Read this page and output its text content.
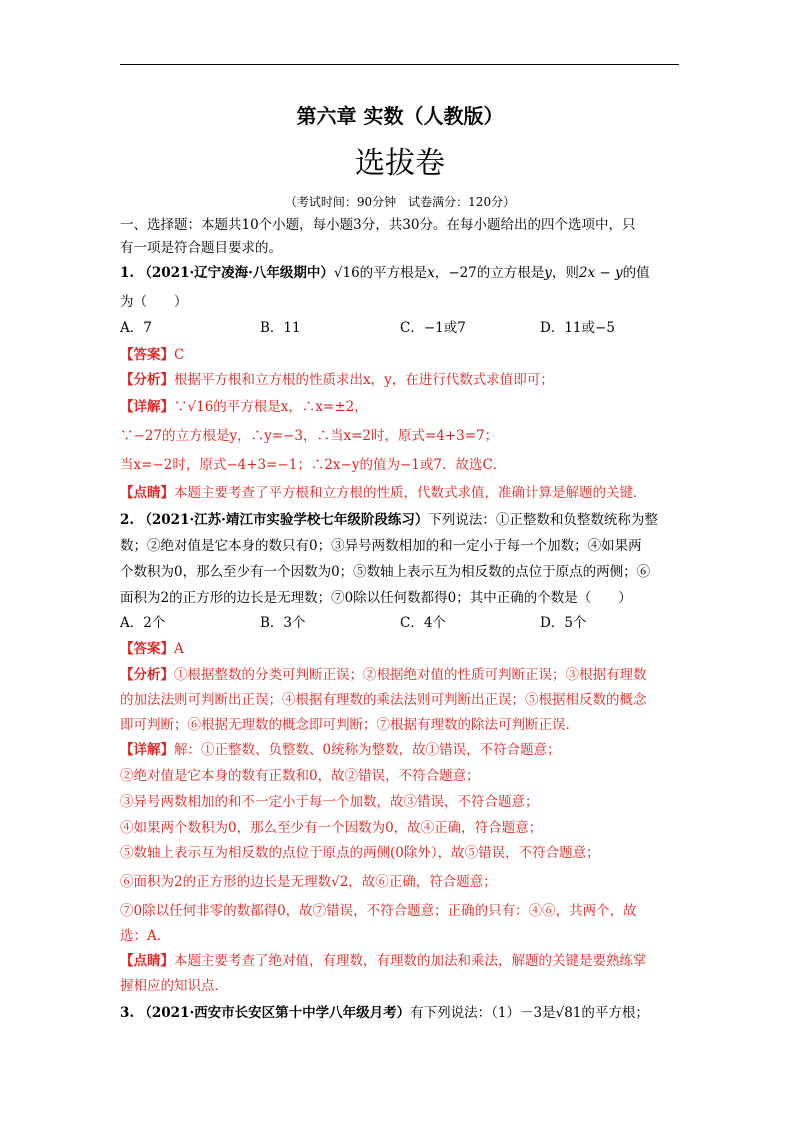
第六章 实数（人教版）
选拔卷
（考试时间：90分钟　试卷满分：120分）
一、选择题：本题共10个小题，每小题3分，共30分。在每小题给出的四个选项中，只
有一项是符合题目要求的。
1. （2021·辽宁凌海·八年级期中）√16的平方根是x，−27的立方根是y，则2x − y的值
为（　　）
A．7	B．11	C．−1或7	D．11或−5
【答案】C
【分析】根据平方根和立方根的性质求出x，y，在进行代数式求值即可；
【详解】∵√16的平方根是x，∴x=±2，
∵−27的立方根是y，∴y=−3，∴当x=2时，原式=4+3=7；
当x=−2时，原式−4+3=−1；∴2x−y的值为−1或7．故选C．
【点睛】本题主要考查了平方根和立方根的性质，代数式求值，准确计算是解题的关键．
2. （2021·江苏·靖江市实验学校七年级阶段练习）下列说法：①正整数和负整数统称为整
数；②绝对值是它本身的数只有0；③异号两数相加的和一定小于每一个加数；④如果两
个数积为0，那么至少有一个因数为0；⑤数轴上表示互为相反数的点位于原点的两侧；⑥
面积为2的正方形的边长是无理数；⑦0除以任何数都得0；其中正确的个数是（　　）
A．2个	B．3个	C．4个	D．5个
【答案】A
【分析】①根据整数的分类可判断正误；②根据绝对值的性质可判断正误；③根据有理数
的加法法则可判断出正误；④根据有理数的乘法法则可判断出正误；⑤根据相反数的概念
即可判断；⑥根据无理数的概念即可判断；⑦根据有理数的除法可判断正误．
【详解】解：①正整数、负整数、0统称为整数，故①错误，不符合题意；
②绝对值是它本身的数有正数和0，故②错误，不符合题意；
③异号两数相加的和不一定小于每一个加数，故③错误，不符合题意；
④如果两个数积为0，那么至少有一个因数为0，故④正确，符合题意；
⑤数轴上表示互为相反数的点位于原点的两侧(0除外），故⑤错误，不符合题意；
⑥面积为2的正方形的边长是无理数√2，故⑥正确，符合题意；
⑦0除以任何非零的数都得0，故⑦错误，不符合题意；正确的只有：④⑥，共两个，故
选：A．
【点睛】本题主要考查了绝对值，有理数，有理数的加法和乘法，解题的关键是要熟练掌
握相应的知识点．
3. （2021·西安市长安区第十中学八年级月考）有下列说法：（1）－3是√81的平方根；
